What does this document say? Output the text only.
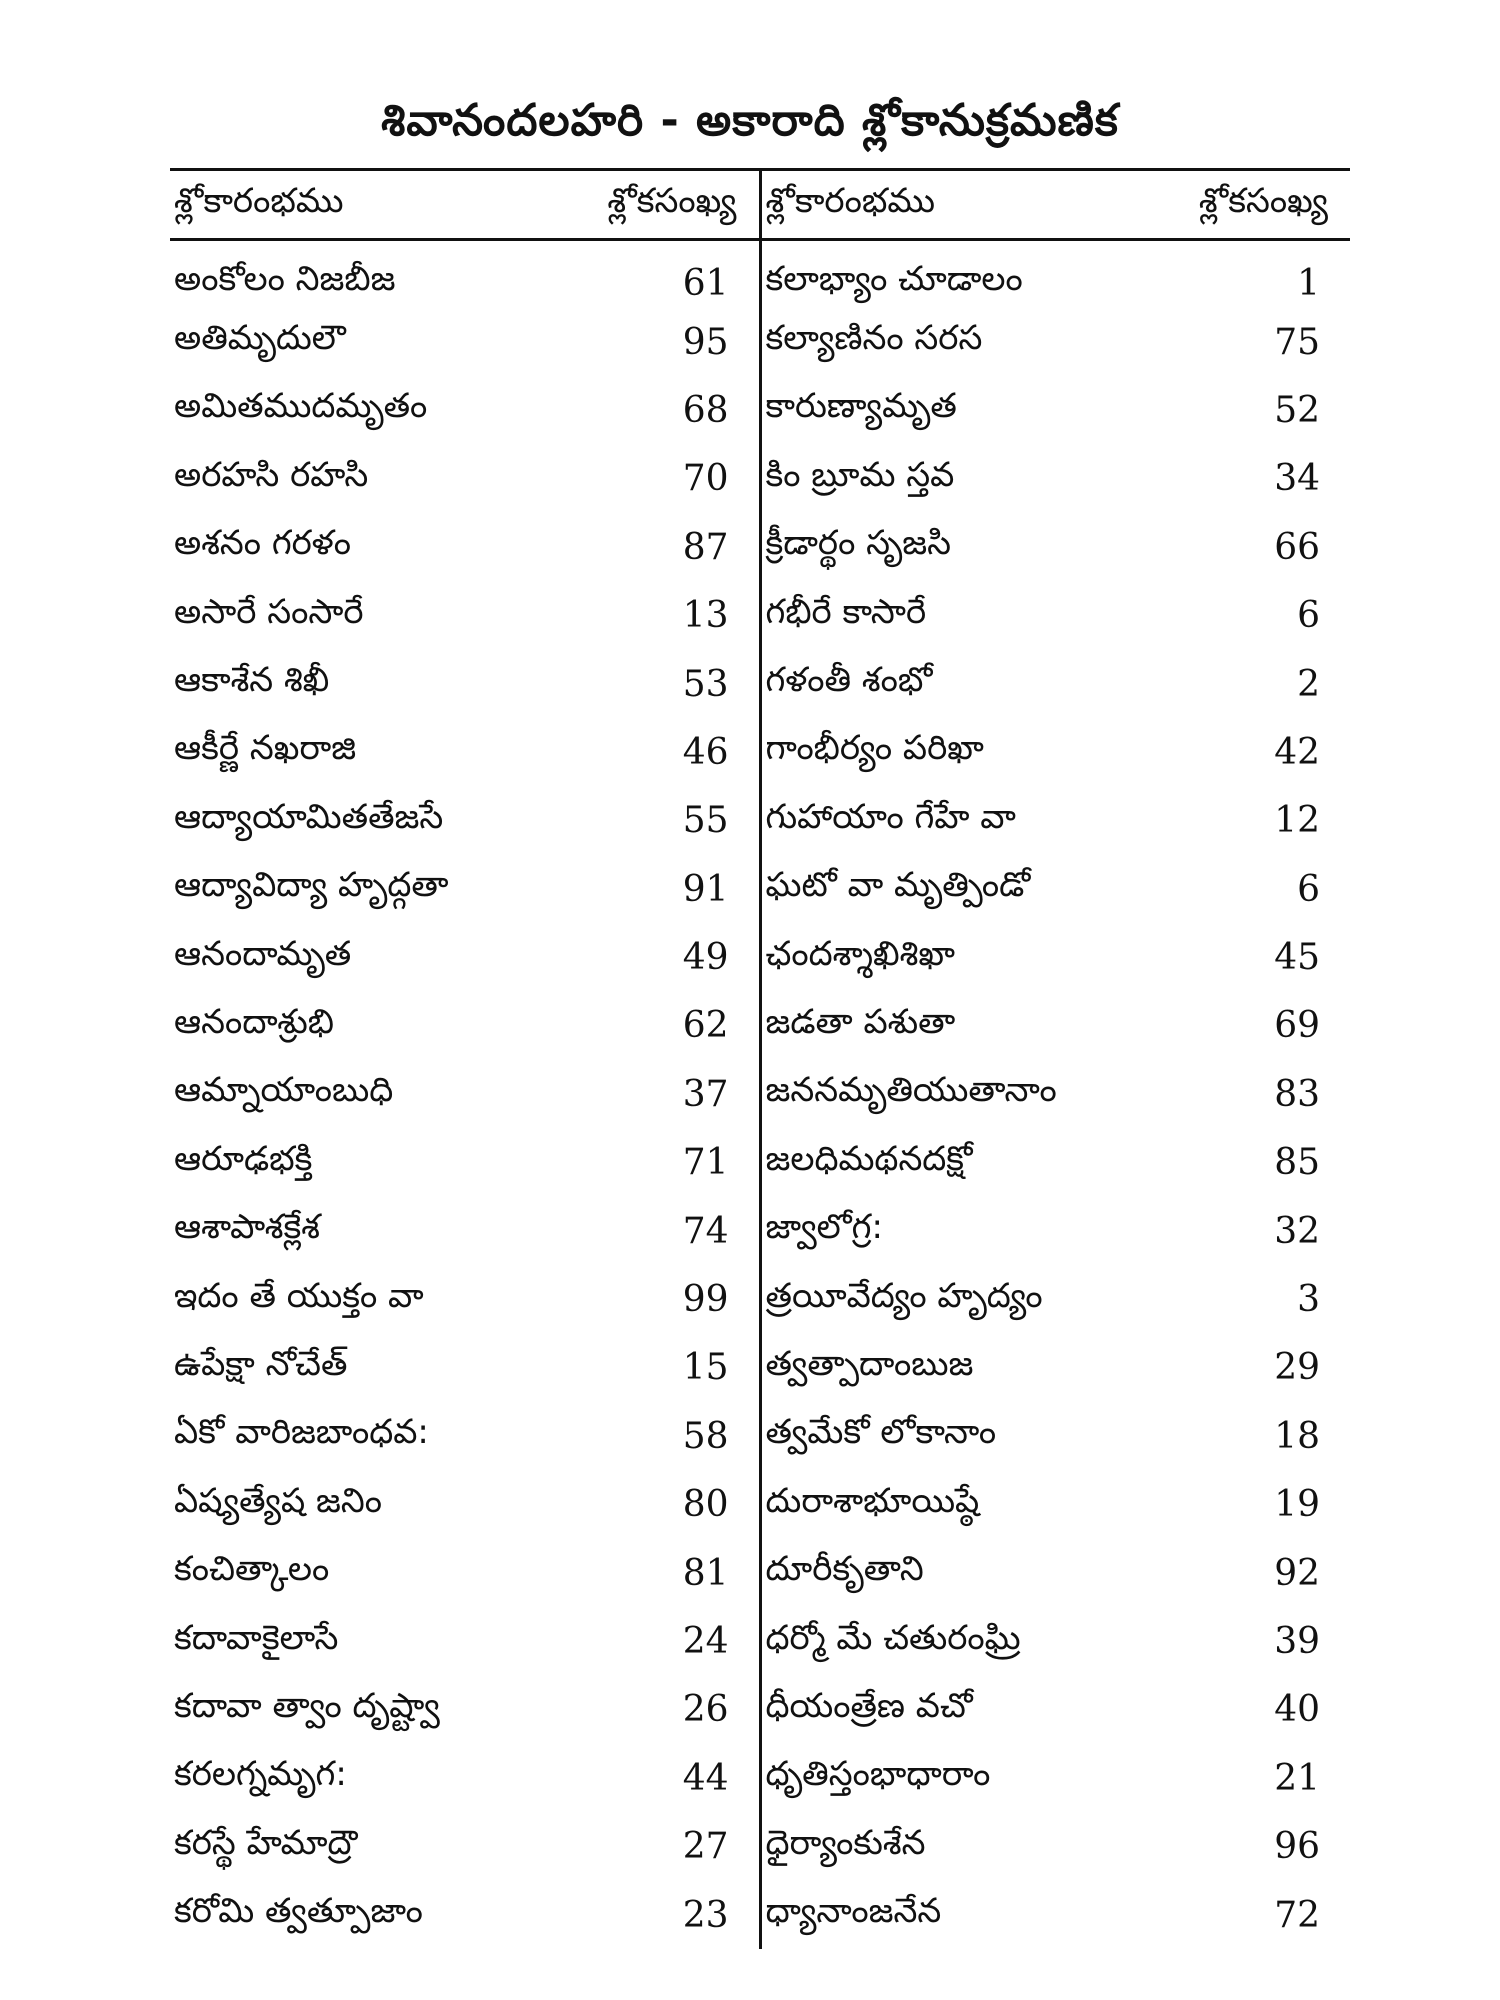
శివానందలహరి - అకారాది శ్లోకానుక్రమణిక
శ్లోకారంభము	శ్లోకసంఖ్య	శ్లోకారంభము	శ్లోకసంఖ్య
అంకోలం నిజబీజ	61	కలాభ్యాం చూడాలం	1
అతిమృదులౌ	95	కల్యాణినం సరస	75
అమితముదమృతం	68	కారుణ్యామృత	52
అరహసి రహసి	70	కిం బ్రూమ స్తవ	34
అశనం గరళం	87	క్రీడార్థం సృజసి	66
అసారే సంసారే	13	గభీరే కాసారే	6
ఆకాశేన శిఖీ	53	గళంతీ శంభో	2
ఆకీర్ణే నఖరాజి	46	గాంభీర్యం పరిఖా	42
ఆద్యాయామితతేజసే	55	గుహాయాం గేహే వా	12
ఆద్యావిద్యా హృద్గతా	91	ఘటో వా మృత్పిండో	6
ఆనందామృత	49	ఛందశ్శాఖిశిఖా	45
ఆనందాశ్రుభి	62	జడతా పశుతా	69
ఆమ్నాయాంబుధి	37	జననమృతియుతానాం	83
ఆరూఢభక్తి	71	జలధిమథనదక్షో	85
ఆశాపాశక్లేశ	74	జ్వాలోగ్ర:	32
ఇదం తే యుక్తం వా	99	త్రయీవేద్యం హృద్యం	3
ఉపేక్షా నోచేత్	15	త్వత్పాదాంబుజ	29
ఏకో వారిజబాంధవ:	58	త్వమేకో లోకానాం	18
ఏష్యత్యేష జనిం	80	దురాశాభూయిష్ఠే	19
కంచిత్కాలం	81	దూరీకృతాని	92
కదావాకైలాసే	24	ధర్మో మే చతురంఘ్రి	39
కదావా త్వాం దృష్ట్వా	26	ధీయంత్రేణ వచో	40
కరలగ్నమృగ:	44	ధృతిస్తంభాధారాం	21
కరస్థే హేమాద్రౌ	27	ధైర్యాంకుశేన	96
కరోమి త్వత్పూజాం	23	ధ్యానాంజనేన	72
